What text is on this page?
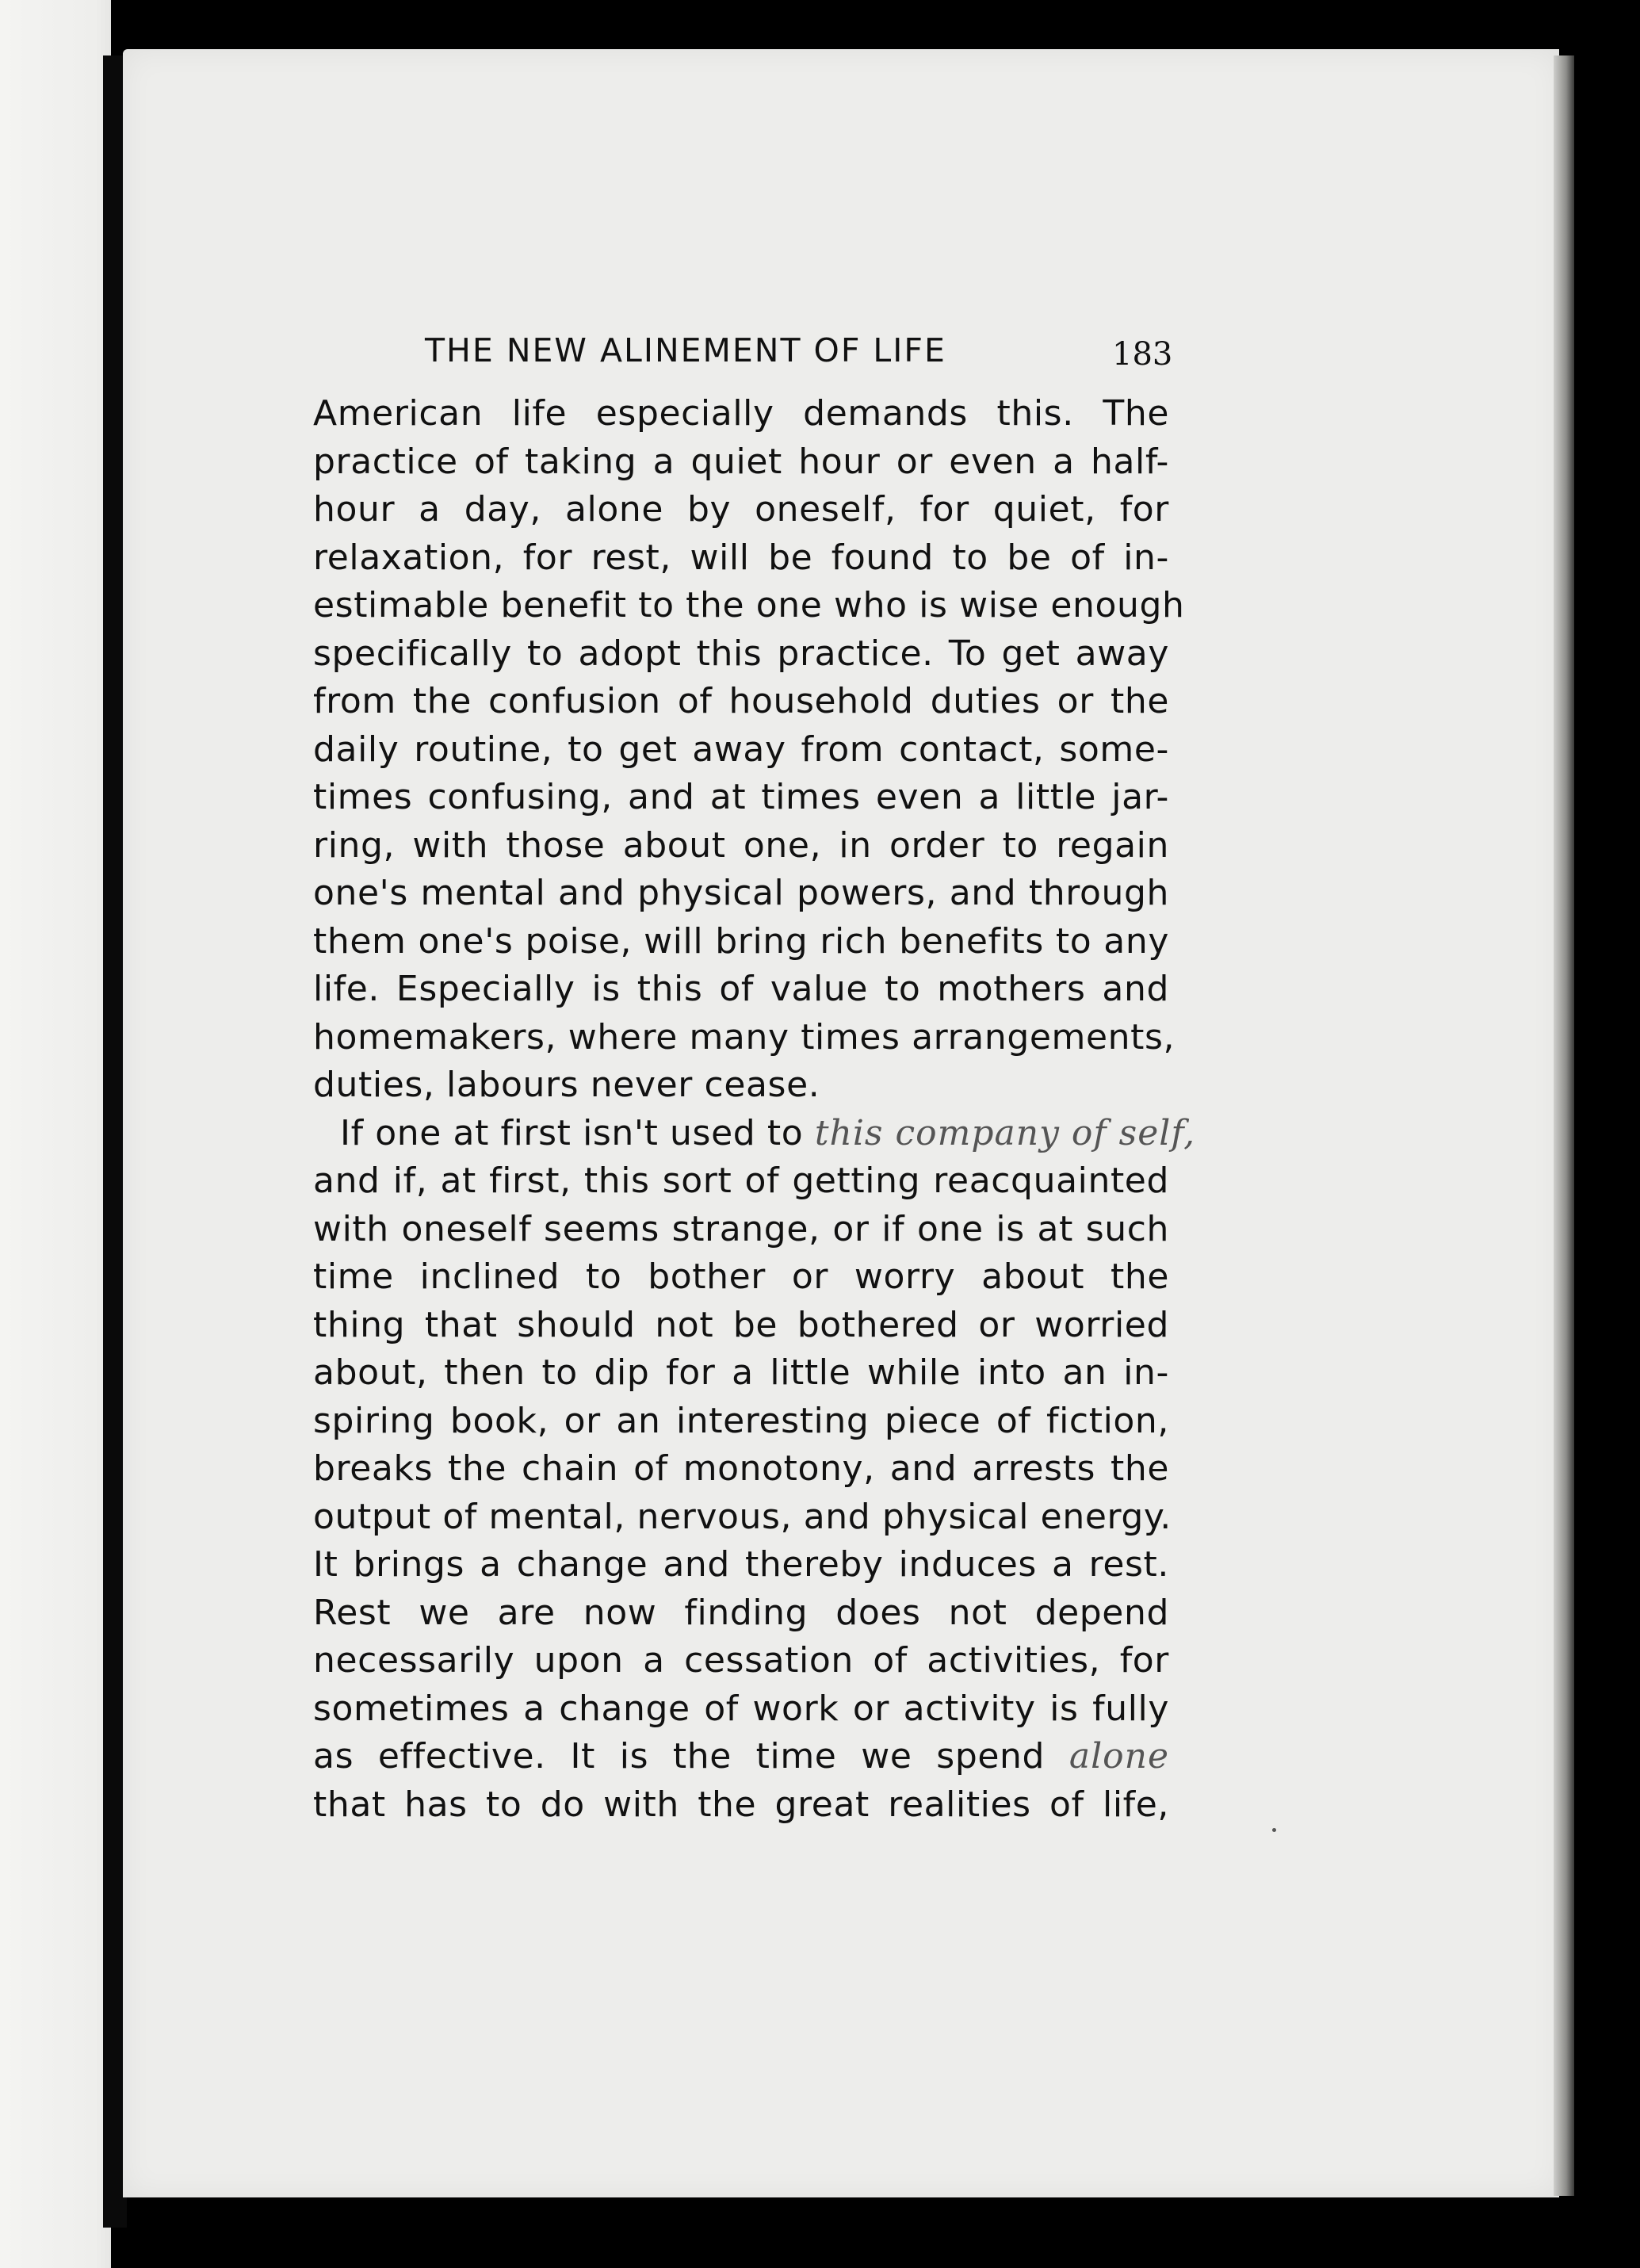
THE NEW ALINEMENT OF LIFE	183
American life especially demands this. The
practice of taking a quiet hour or even a half-
hour a day, alone by oneself, for quiet, for
relaxation, for rest, will be found to be of in-
estimable benefit to the one who is wise enough
specifically to adopt this practice. To get away
from the confusion of household duties or the
daily routine, to get away from contact, some-
times confusing, and at times even a little jar-
ring, with those about one, in order to regain
one's mental and physical powers, and through
them one's poise, will bring rich benefits to any
life. Especially is this of value to mothers and
homemakers, where many times arrangements,
duties, labours never cease.
If one at first isn't used to this company of self,
and if, at first, this sort of getting reacquainted
with oneself seems strange, or if one is at such
time inclined to bother or worry about the
thing that should not be bothered or worried
about, then to dip for a little while into an in-
spiring book, or an interesting piece of fiction,
breaks the chain of monotony, and arrests the
output of mental, nervous, and physical energy.
It brings a change and thereby induces a rest.
Rest we are now finding does not depend
necessarily upon a cessation of activities, for
sometimes a change of work or activity is fully
as effective. It is the time we spend alone
that has to do with the great realities of life,
